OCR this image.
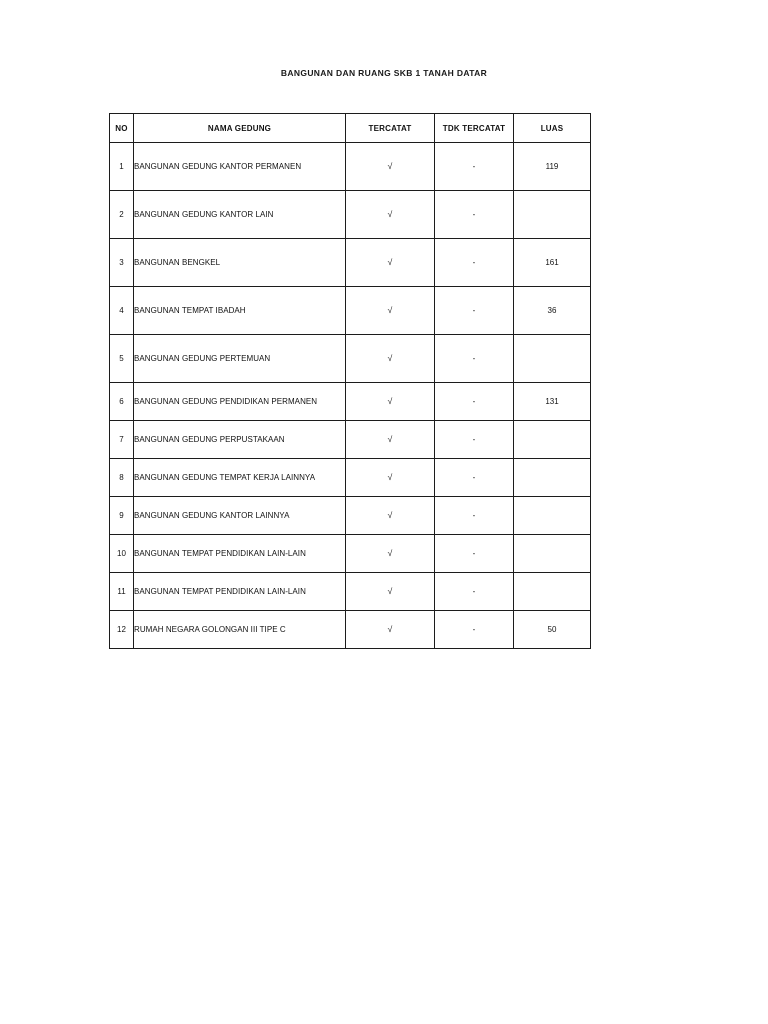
BANGUNAN DAN RUANG SKB 1 TANAH DATAR
NO	NAMA GEDUNG	TERCATAT	TDK TERCATAT	LUAS
1	BANGUNAN GEDUNG KANTOR PERMANEN	√	-	119
2	BANGUNAN GEDUNG KANTOR LAIN	√	-	
3	BANGUNAN BENGKEL	√	-	161
4	BANGUNAN TEMPAT IBADAH	√	-	36
5	BANGUNAN GEDUNG PERTEMUAN	√	-	
6	BANGUNAN GEDUNG PENDIDIKAN PERMANEN	√	-	131
7	BANGUNAN GEDUNG PERPUSTAKAAN	√	-	
8	BANGUNAN GEDUNG TEMPAT KERJA LAINNYA	√	-	
9	BANGUNAN GEDUNG KANTOR LAINNYA	√	-	
10	BANGUNAN TEMPAT PENDIDIKAN LAIN-LAIN	√	-	
11	BANGUNAN TEMPAT PENDIDIKAN LAIN-LAIN	√	-	
12	RUMAH NEGARA GOLONGAN III TIPE C	√	-	50
